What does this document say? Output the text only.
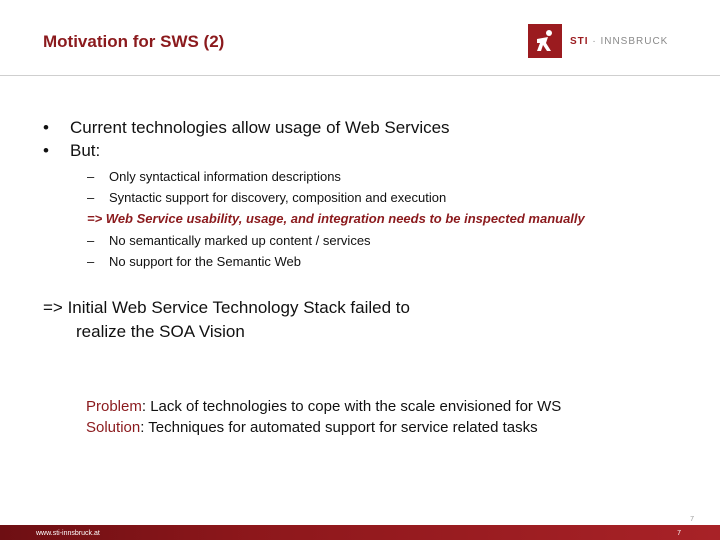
Motivation for SWS (2)	STI · INNSBRUCK
• Current technologies allow usage of Web Services
• But:
– Only syntactical information descriptions
– Syntactic support for discovery, composition and execution
=> Web Service usability, usage, and integration needs to be inspected manually
– No semantically marked up content / services
– No support for the Semantic Web
=> Initial Web Service Technology Stack failed to
realize the SOA Vision
Problem: Lack of technologies to cope with the scale envisioned for WS
Solution: Techniques for automated support for service related tasks
7
www.sti-innsbruck.at	7
